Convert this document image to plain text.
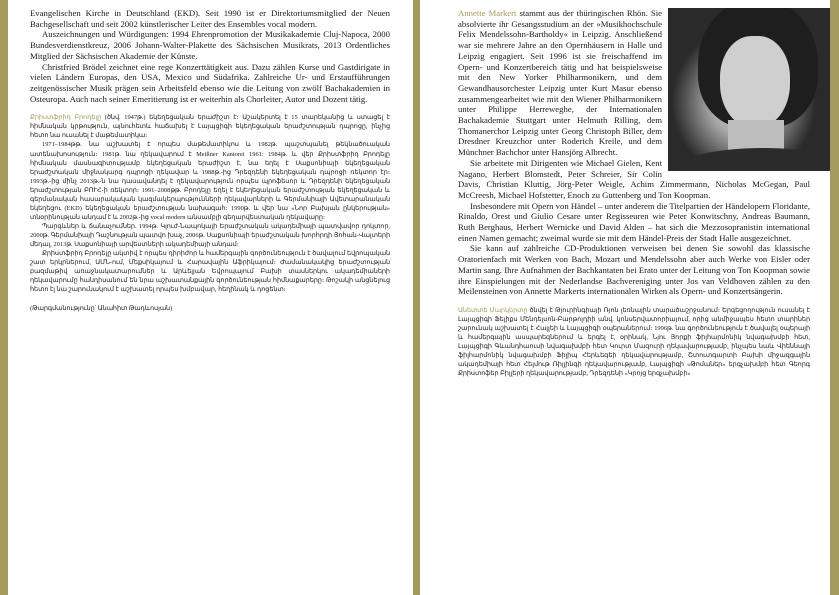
Evangelischen Kirche in Deutschland (EKD). Seit 1990 ist er Direktoriumsmitglied der Neuen Bachgesellschaft und seit 2002 künstlerischer Leiter des Ensembles vocal modern.

Auszeichnungen und Würdigungen: 1994 Ehrenpromotion der Musikakademie Cluj-Napoca, 2000 Bundesverdienstkreuz, 2006 Johann-Walter-Plakette des Sächsischen Musikrats, 2013 Ordentliches Mitglied der Sächsischen Akademie der Künste.

Christfried Brödel zeichnet eine rege Konzerttätigkeit aus. Dazu zählen Kurse und Gastdirigate in vielen Ländern Europas, den USA, Mexico und Südafrika. Zahlreiche Ur- und Erstaufführungen zeitgenössischer Musik prägen sein Arbeitsfeld ebenso wie die Leitung von zwölf Bachakademien in Osteuropa. Auch nach seiner Emeritierung ist er weiterhin als Chorleiter, Autor und Dozent tätig.

Քրիստֆրիդ Բրոդելը (ծնվ. 1947թ.) եկեղեցական երաժիշտ է։ Աշակերտել է 15 տարեկանից և ստացել է հիմնական կրթություն, այնուհետև հաճախել է Լայպցիգի եկեղեցական երաժշտության դպրոցը, ինչից հետո նա ուսանել է մաթեմատիկա։

1971–1984թթ. նա աշխատել է որպես մաթեմատիկոս և 1982թ. պաշտպանել թեկնածուական ատենախոսություն։ 1981թ. նա ղեկավարում է Meißner Kantorei 1961: 1984թ. և վեր Քրիստֆրիդ Բրոդելը հիմնական մասնագիտությամբ եկեղեցական երաժիշտ է, նա եղել է Սաքսոնիայի եկեղեցական երաժշտական միջնակարգ դպրոցի ղեկավար և 1988թ.-ից Դրեզդենի եկեղեցական դպրոցի ռեկտոր էր։ 1993թ.-ից մինչ 2013թ.-ն նա դասավանդել է ղեկավարություն որպես պրոֆեսոր և Դրեզդենի եկեղեցական երաժշտության ԲՈՒՀ-ի ռեկտոր։ 1991–2008թթ. Բրոդելը եղել է եկեղեցական երաժշտության եկեղեցական և գերմանական հասարակական կազմակերպությունների ղեկավարների և Գերմանիայի Ավետարանական եկեղեցու (EKD) եկեղեցական երաժշտության նախագահ։ 1990թ. և վեր նա «Նոր Բախյան ընկերության» տնօրինության անդամ է և 2002թ.-ից vocal modern անսամբլի գեղարվեստական ղեկավարը։

Պարգևներ և ճանաչումներ. 1994թ. Կլուժ-Նապոկայի Երաժշտական ակադեմիայի պատվավոր դոկտոր, 2000թ. Գերմանիայի Դաշնության պատվո խաչ, 2006թ. Սաքսոնիայի երաժշտական խորհրդի Յոհան-Վալտերի մեդալ, 2013թ. Սաքսոնիայի արվեստների ակադեմիայի անդամ։

Քրիստֆրիդ Բրոդելը ակտիվ է որպես դիրիժոր և համերգային գործունեություն է ծավալում եվրոպական շատ երկրներում, ԱՄՆ-ում, Մեքսիկայում և Հարավային Աֆրիկայում։ Ժամանակակից երաժշտության բազմաթիվ առաջնակատարումներ և Արևելյան Եվրոպայում Բախի տասներկու ակադեմիաների ղեկավարումը հանդիսանում են նրա աշխատանքային գործունեության հիմնաքարերը։ Թոշակի անցնելուց հետո էլ նա շարունակում է աշխատել որպես խմբավար, հեղինակ և դոցենտ։

(Թարգմանությունը՝ Անահիտ Թադևոսյան)

Annette Markert stammt aus der thüringischen Rhön. Sie absolvierte ihr Gesangsstudium an der »Musikhochschule Felix Mendelssohn-Bartholdy« in Leipzig. Anschließend war sie mehrere Jahre an den Opernhäusern in Halle und Leipzig engagiert. Seit 1996 ist sie freischaffend im Opern- und Konzertbereich tätig und hat beispielsweise mit den New Yorker Philharmonikern, und dem Gewandhausorchester Leipzig unter Kurt Masur ebenso zusammengearbeitet wie mit den Wiener Philharmonikern unter Philippe Herreweghe, der Internationalen Bachakademie Stuttgart unter Helmuth Rilling, dem Thomanerchor Leipzig unter Georg Christoph Biller, dem Dresdner Kreuzchor unter Roderich Kreile, und dem Münchner Bachchor unter Hansjörg Albrecht.

Sie arbeitete mit Dirigenten wie Michael Gielen, Kent Nagano, Herbert Blomstedt, Peter Schreier, Sir Colin Davis, Christian Kluttig, Jörg-Peter Weigle, Achim Zimmermann, Nicholas McGegan, Paul McCreesh, Michael Hofstetter, Enoch zu Guttenberg und Ton Koopman.

Insbesondere mit Opern von Händel – unter anderem die Titelpartien der Händelopern Floridante, Rinaldo, Orest und Giulio Cesare unter Regisseuren wie Peter Konwitschny, Andreas Baumann, Ruth Berghaus, Herbert Wernicke und David Alden – hat sich die Mezzosopranistin international einen Namen gemacht; zweimal wurde sie mit dem Händel-Preis der Stadt Halle ausgezeichnet.

Sie kann auf zahlreiche CD-Produktionen verweisen bei denen Sie sowohl das klassische Oratorienfach mit Werken von Bach, Mozart und Mendelssohn aber auch Werke von Eisler oder Martin sang. Ihre Aufnahmen der Bachkantaten bei Erato unter der Leitung von Ton Koopman sowie ihre Einspielungen mit der Nederlandse Bachvereniging unter Jos van Veldhoven zählen zu den Meilensteinen von Annette Markerts internationalen Wirken als Opern- und Konzertsängerin.

Անետտե Մարկերտը ծնվել է Թյուրինգիայի Ռյոն լեռնային տարածաշրջանում։ Երգեցողություն ուսանել է Լայպցիգի Ֆելիքս Մենդելսոն-Բարթոլդիի անվ. կոնսերվատորիայում, որից անմիջապես հետո տարիներ շարունակ աշխատել է Հալլեի և Լայպցիգի օպերաներում։ 1996թ. նա գործունեություն է ծավալել օպերայի և համերգային ասպարեզներում և երգել է, օրինակ, Նյու Յորքի ֆիլհարմոնիկ նվագախմբի հետ, Լայպցիգի Գևանդհաուսի նվագախմբի հետ Կուրտ Մազուրի ղեկավարությամբ, ինչպես նաև Վիեննայի ֆիլհարմոնիկ նվագախմբի Ֆիլիպ Հերևեգեի ղեկավարությամբ, Շտուտգարտի Բախի միջազգային ակադեմիայի հետ Հելմութ Ռիլլինգի ղեկավարությամբ, Լայպցիգի «Թոմաներ» երգչախմբի հետ Գեորգ Քրիստոֆեր Բիլլերի ղեկավարությամբ, Դրեզդենի «Կրոյց երգչախմբի»
